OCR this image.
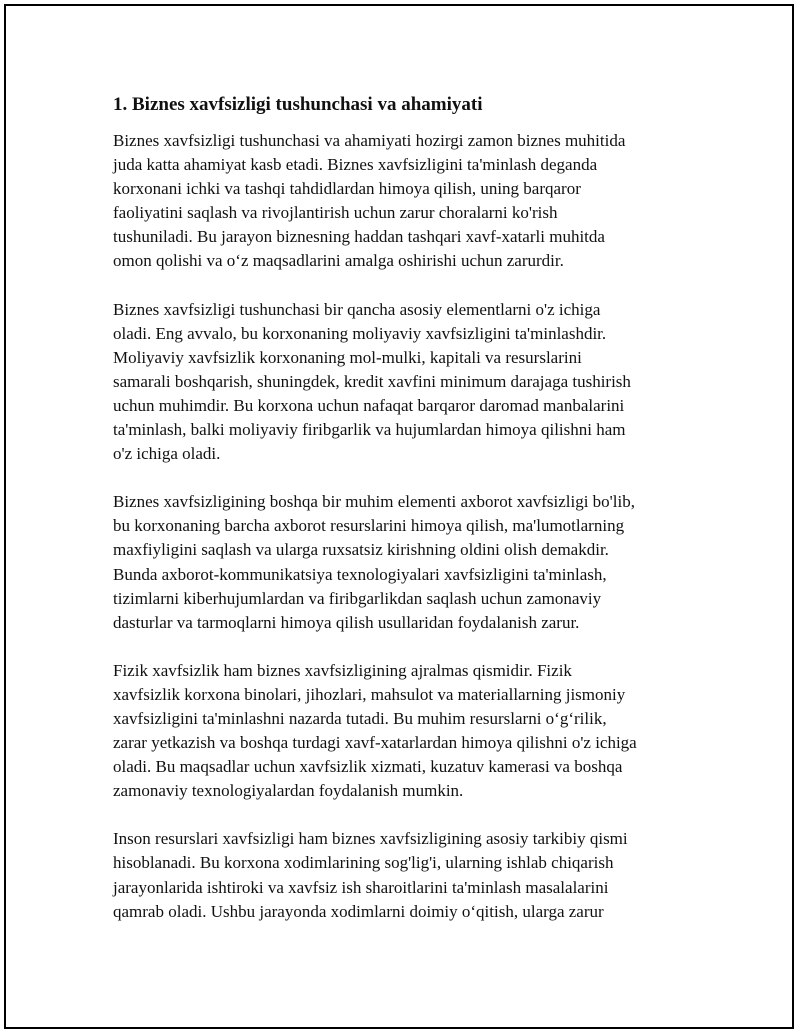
1. Biznes xavfsizligi tushunchasi va ahamiyati
Biznes xavfsizligi tushunchasi va ahamiyati hozirgi zamon biznes muhitida
juda katta ahamiyat kasb etadi. Biznes xavfsizligini ta'minlash deganda
korxonani ichki va tashqi tahdidlardan himoya qilish, uning barqaror
faoliyatini saqlash va rivojlantirish uchun zarur choralarni ko'rish
tushuniladi. Bu jarayon biznesning haddan tashqari xavf-xatarli muhitda
omon qolishi va o‘z maqsadlarini amalga oshirishi uchun zarurdir.
Biznes xavfsizligi tushunchasi bir qancha asosiy elementlarni o'z ichiga
oladi. Eng avvalo, bu korxonaning moliyaviy xavfsizligini ta'minlashdir.
Moliyaviy xavfsizlik korxonaning mol-mulki, kapitali va resurslarini
samarali boshqarish, shuningdek, kredit xavfini minimum darajaga tushirish
uchun muhimdir. Bu korxona uchun nafaqat barqaror daromad manbalarini
ta'minlash, balki moliyaviy firibgarlik va hujumlardan himoya qilishni ham
o'z ichiga oladi.
Biznes xavfsizligining boshqa bir muhim elementi axborot xavfsizligi bo'lib,
bu korxonaning barcha axborot resurslarini himoya qilish, ma'lumotlarning
maxfiyligini saqlash va ularga ruxsatsiz kirishning oldini olish demakdir.
Bunda axborot-kommunikatsiya texnologiyalari xavfsizligini ta'minlash,
tizimlarni kiberhujumlardan va firibgarlikdan saqlash uchun zamonaviy
dasturlar va tarmoqlarni himoya qilish usullaridan foydalanish zarur.
Fizik xavfsizlik ham biznes xavfsizligining ajralmas qismidir. Fizik
xavfsizlik korxona binolari, jihozlari, mahsulot va materiallarning jismoniy
xavfsizligini ta'minlashni nazarda tutadi. Bu muhim resurslarni o‘g‘rilik,
zarar yetkazish va boshqa turdagi xavf-xatarlardan himoya qilishni o'z ichiga
oladi. Bu maqsadlar uchun xavfsizlik xizmati, kuzatuv kamerasi va boshqa
zamonaviy texnologiyalardan foydalanish mumkin.
Inson resurslari xavfsizligi ham biznes xavfsizligining asosiy tarkibiy qismi
hisoblanadi. Bu korxona xodimlarining sog'lig'i, ularning ishlab chiqarish
jarayonlarida ishtiroki va xavfsiz ish sharoitlarini ta'minlash masalalarini
qamrab oladi. Ushbu jarayonda xodimlarni doimiy o‘qitish, ularga zarur
